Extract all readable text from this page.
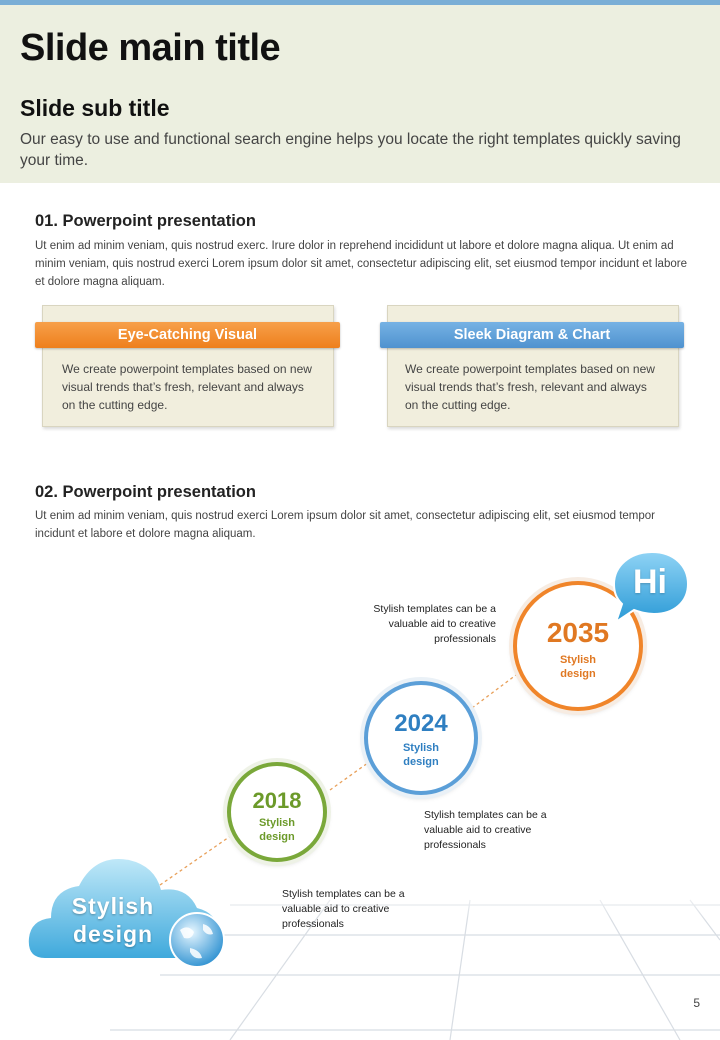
Slide main title
Slide sub title

Our easy to use and functional search engine helps you locate the right templates quickly saving your time.

01. Powerpoint presentation

Ut enim ad minim veniam, quis nostrud exerc. Irure dolor in reprehend incididunt ut labore et dolore magna aliqua. Ut enim ad minim veniam, quis nostrud exerci Lorem ipsum dolor sit amet, consectetur adipiscing elit, set eiusmod tempor incidunt et labore et dolore magna aliquam.

Eye-Catching Visual

We create powerpoint templates based on new visual trends that’s fresh, relevant and always on the cutting edge.

Sleek Diagram & Chart

We create powerpoint templates based on new visual trends that’s fresh, relevant and always on the cutting edge.

02. Powerpoint presentation

Ut enim ad minim veniam, quis nostrud exerci Lorem ipsum dolor sit amet, consectetur adipiscing elit, set eiusmod tempor incidunt et labore et dolore magna aliquam.

Stylish
design
2018
Stylish
design
2024
Stylish
design
2035
Stylish
design
Hi

Stylish templates can be a valuable aid to creative professionals

Stylish templates can be a valuable aid to creative professionals

Stylish templates can be a valuable aid to creative professionals

5
